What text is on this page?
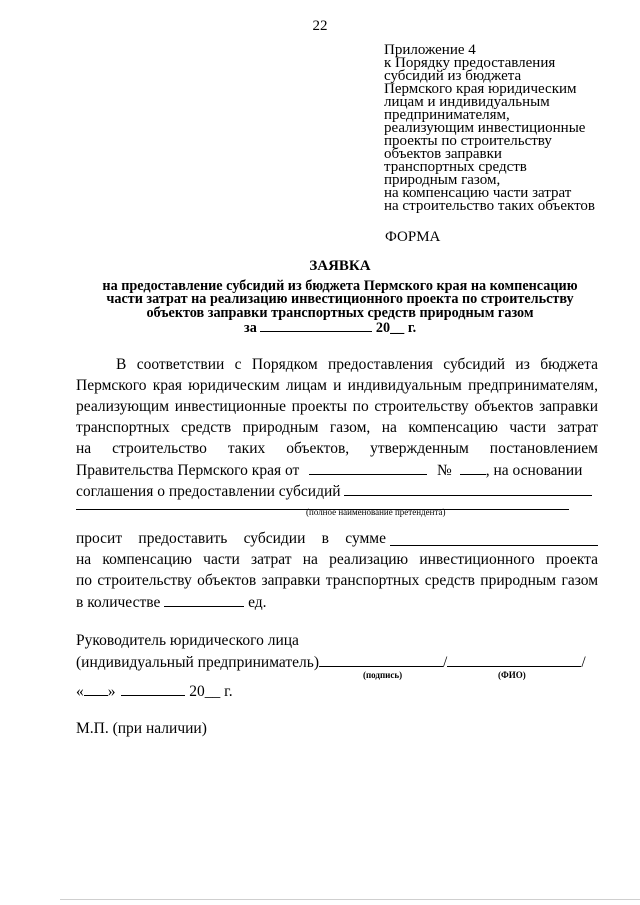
22
Приложение 4
к Порядку предоставления
субсидий из бюджета
Пермского края юридическим
лицам и индивидуальным
предпринимателям,
реализующим инвестиционные
проекты по строительству
объектов заправки
транспортных средств
природным газом,
на компенсацию части затрат
на строительство таких объектов
ФОРМА
ЗАЯВКА
на предоставление субсидий из бюджета Пермского края на компенсацию
части затрат на реализацию инвестиционного проекта по строительству
объектов заправки транспортных средств природным газом
за	20__ г.
В соответствии с Порядком предоставления субсидий из бюджета
Пермского края юридическим лицам и индивидуальным предпринимателям,
реализующим инвестиционные проекты по строительству объектов заправки
транспортных средств природным газом, на компенсацию части затрат
на строительство таких объектов, утвержденным постановлением
Правительства Пермского края от	№ , на основании
соглашения о предоставлении субсидий
(полное наименование претендента)
просит предоставить субсидии в сумме
на компенсацию части затрат на реализацию инвестиционного проекта
по строительству объектов заправки транспортных средств природным газом
в количестве	ед.
Руководитель юридического лица
(индивидуальный предприниматель)	/	/
(подпись)	(ФИО)
« »	20__ г.
М.П. (при наличии)
